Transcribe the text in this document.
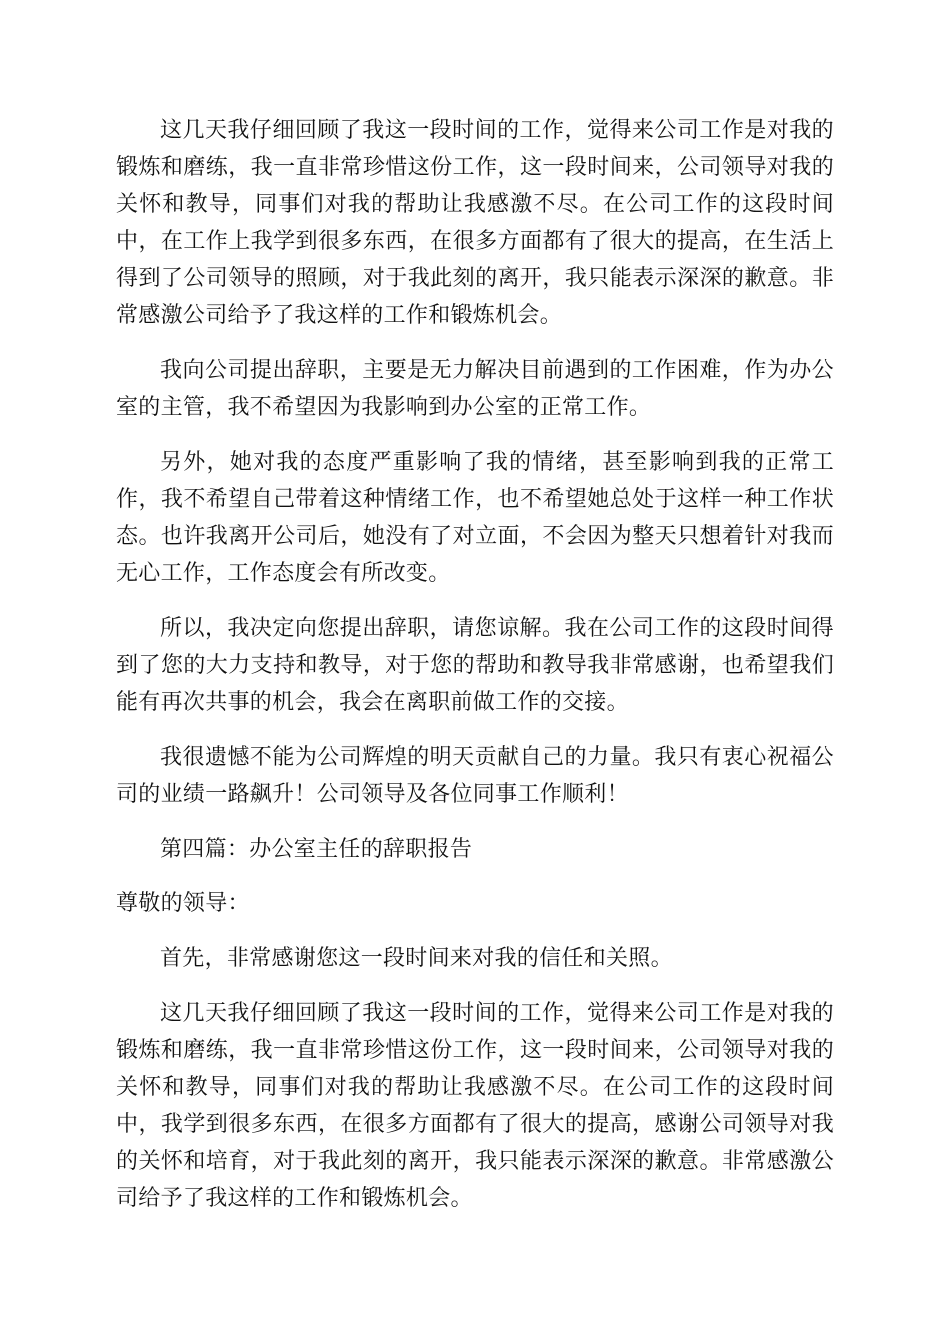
这几天我仔细回顾了我这一段时间的工作，觉得来公司工作是对我的锻炼和磨练，我一直非常珍惜这份工作，这一段时间来，公司领导对我的关怀和教导，同事们对我的帮助让我感激不尽。在公司工作的这段时间中，在工作上我学到很多东西，在很多方面都有了很大的提高，在生活上得到了公司领导的照顾，对于我此刻的离开，我只能表示深深的歉意。非常感激公司给予了我这样的工作和锻炼机会。

我向公司提出辞职，主要是无力解决目前遇到的工作困难，作为办公室的主管，我不希望因为我影响到办公室的正常工作。

另外，她对我的态度严重影响了我的情绪，甚至影响到我的正常工作，我不希望自己带着这种情绪工作，也不希望她总处于这样一种工作状态。也许我离开公司后，她没有了对立面，不会因为整天只想着针对我而无心工作，工作态度会有所改变。

所以，我决定向您提出辞职，请您谅解。我在公司工作的这段时间得到了您的大力支持和教导，对于您的帮助和教导我非常感谢，也希望我们能有再次共事的机会，我会在离职前做工作的交接。

我很遗憾不能为公司辉煌的明天贡献自己的力量。我只有衷心祝福公司的业绩一路飙升！公司领导及各位同事工作顺利！

第四篇：办公室主任的辞职报告

尊敬的领导：

首先，非常感谢您这一段时间来对我的信任和关照。

这几天我仔细回顾了我这一段时间的工作，觉得来公司工作是对我的锻炼和磨练，我一直非常珍惜这份工作，这一段时间来，公司领导对我的关怀和教导，同事们对我的帮助让我感激不尽。在公司工作的这段时间中，我学到很多东西，在很多方面都有了很大的提高，感谢公司领导对我的关怀和培育，对于我此刻的离开，我只能表示深深的歉意。非常感激公司给予了我这样的工作和锻炼机会。
